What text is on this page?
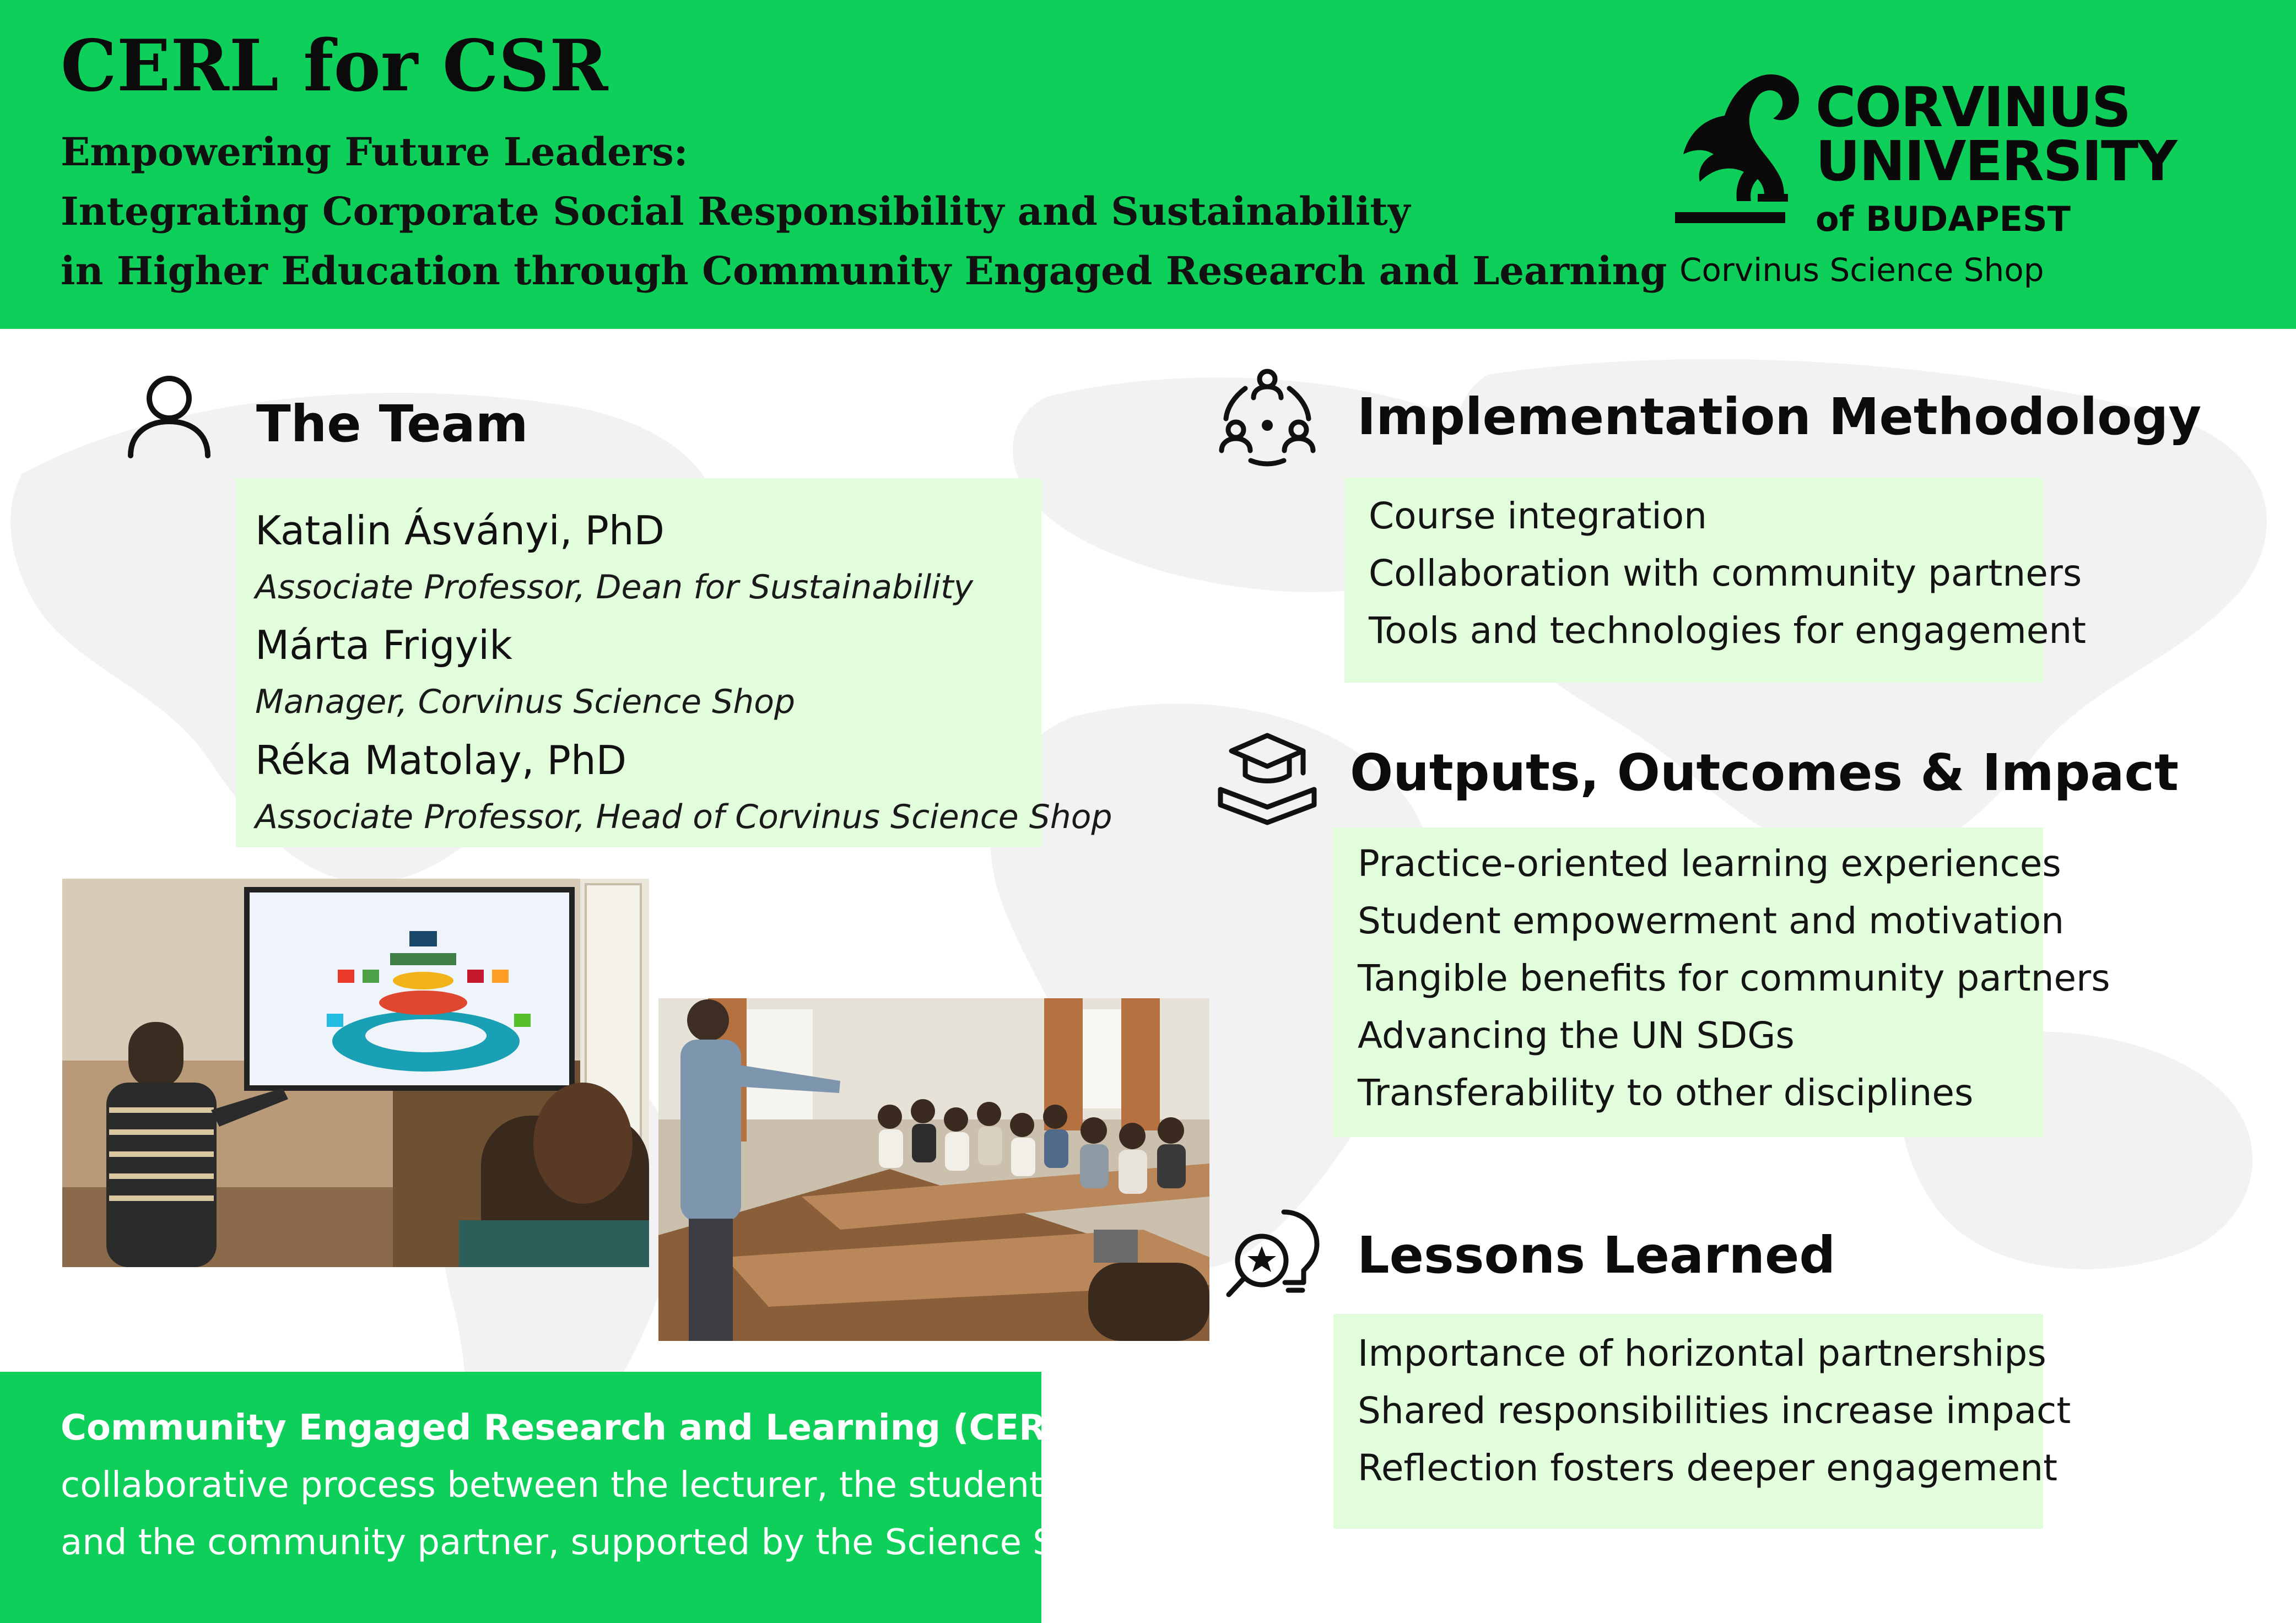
CERL for CSR
Empowering Future Leaders:
Integrating Corporate Social Responsibility and Sustainability
in Higher Education through Community Engaged Research and Learning
CORVINUS
UNIVERSITY
of BUDAPEST
Corvinus Science Shop
The Team
Katalin Ásványi, PhD
Associate Professor, Dean for Sustainability
Márta Frigyik
Manager, Corvinus Science Shop
Réka Matolay, PhD
Associate Professor, Head of Corvinus Science Shop
Community Engaged Research and Learning (CERL):
collaborative process between the lecturer, the students
and the community partner, supported by the Science Shop.
Implementation Methodology
Course integration
Collaboration with community partners
Tools and technologies for engagement
Outputs, Outcomes & Impact
Practice-oriented learning experiences
Student empowerment and motivation
Tangible benefits for community partners
Advancing the UN SDGs
Transferability to other disciplines
Lessons Learned
Importance of horizontal partnerships
Shared responsibilities increase impact
Reflection fosters deeper engagement
